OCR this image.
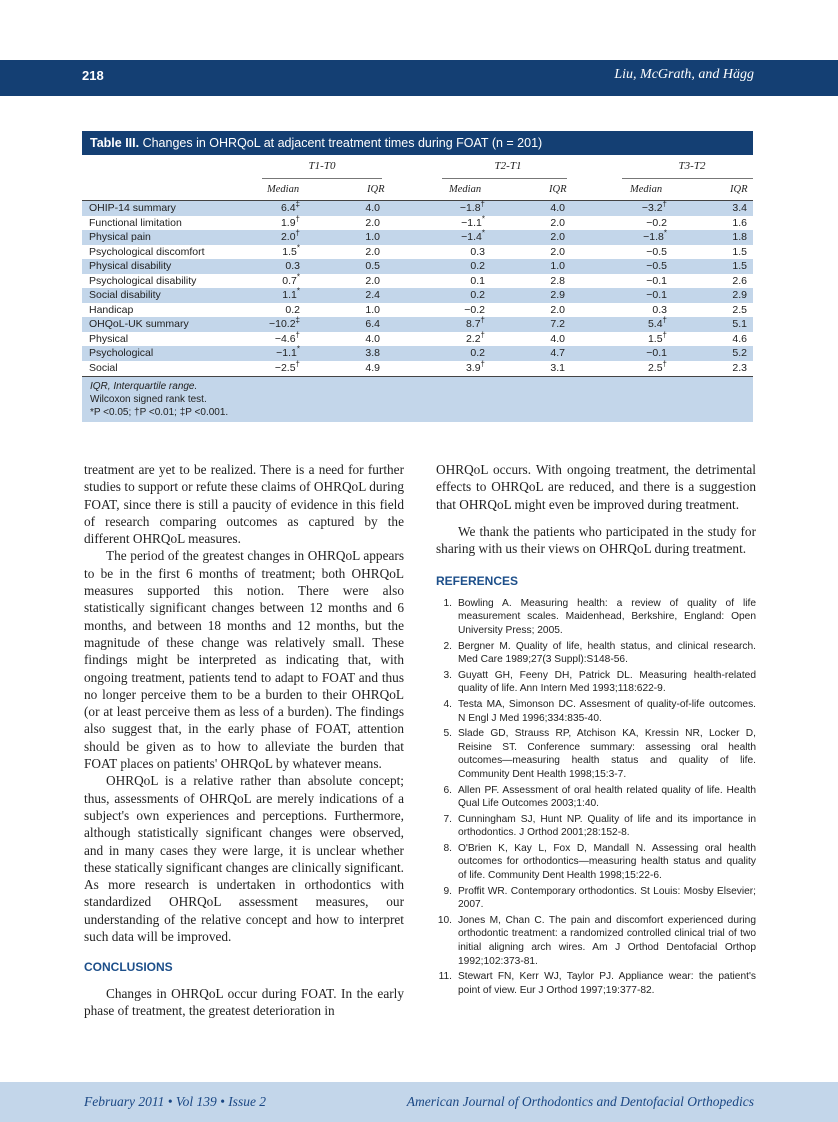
218	Liu, McGrath, and Hägg
Table III. Changes in OHRQoL at adjacent treatment times during FOAT (n = 201)
T1-T0	T2-T1	T3-T2
Median	IQR	Median	IQR	Median	IQR
OHIP-14 summary	6.4‡	4.0	−1.8†	4.0	−3.2†	3.4
Functional limitation	1.9†	2.0	−1.1*	2.0	−0.2	1.6
Physical pain	2.0†	1.0	−1.4*	2.0	−1.8*	1.8
Psychological discomfort	1.5*	2.0	0.3	2.0	−0.5	1.5
Physical disability	0.3	0.5	0.2	1.0	−0.5	1.5
Psychological disability	0.7*	2.0	0.1	2.8	−0.1	2.6
Social disability	1.1*	2.4	0.2	2.9	−0.1	2.9
Handicap	0.2	1.0	−0.2	2.0	0.3	2.5
OHQoL-UK summary	−10.2‡	6.4	8.7†	7.2	5.4†	5.1
Physical	−4.6†	4.0	2.2†	4.0	1.5†	4.6
Psychological	−1.1*	3.8	0.2	4.7	−0.1	5.2
Social	−2.5†	4.9	3.9†	3.1	2.5†	2.3
IQR, Interquartile range.
Wilcoxon signed rank test.
*P <0.05; †P <0.01; ‡P <0.001.

treatment are yet to be realized. There is a need for further studies to support or refute these claims of OHRQoL during FOAT, since there is still a paucity of evidence in this field of research comparing outcomes as captured by the different OHRQoL measures.

The period of the greatest changes in OHRQoL appears to be in the first 6 months of treatment; both OHRQoL measures supported this notion. There were also statistically significant changes between 12 months and 6 months, and between 18 months and 12 months, but the magnitude of these change was relatively small. These findings might be interpreted as indicating that, with ongoing treatment, patients tend to adapt to FOAT and thus no longer perceive them to be a burden to their OHRQoL (or at least perceive them as less of a burden). The findings also suggest that, in the early phase of FOAT, attention should be given as to how to alleviate the burden that FOAT places on patients' OHRQoL by whatever means.

OHRQoL is a relative rather than absolute concept; thus, assessments of OHRQoL are merely indications of a subject's own experiences and perceptions. Furthermore, although statistically significant changes were observed, and in many cases they were large, it is unclear whether these statically significant changes are clinically significant. As more research is undertaken in orthodontics with standardized OHRQoL assessment measures, our understanding of the relative concept and how to interpret such data will be improved.

CONCLUSIONS

Changes in OHRQoL occur during FOAT. In the early phase of treatment, the greatest deterioration in

OHRQoL occurs. With ongoing treatment, the detrimental effects to OHRQoL are reduced, and there is a suggestion that OHRQoL might even be improved during treatment.

We thank the patients who participated in the study for sharing with us their views on OHRQoL during treatment.

REFERENCES
1. Bowling A. Measuring health: a review of quality of life measurement scales. Maidenhead, Berkshire, England: Open University Press; 2005.
2. Bergner M. Quality of life, health status, and clinical research. Med Care 1989;27(3 Suppl):S148-56.
3. Guyatt GH, Feeny DH, Patrick DL. Measuring health-related quality of life. Ann Intern Med 1993;118:622-9.
4. Testa MA, Simonson DC. Assesment of quality-of-life outcomes. N Engl J Med 1996;334:835-40.
5. Slade GD, Strauss RP, Atchison KA, Kressin NR, Locker D, Reisine ST. Conference summary: assessing oral health outcomes—measuring health status and quality of life. Community Dent Health 1998;15:3-7.
6. Allen PF. Assessment of oral health related quality of life. Health Qual Life Outcomes 2003;1:40.
7. Cunningham SJ, Hunt NP. Quality of life and its importance in orthodontics. J Orthod 2001;28:152-8.
8. O'Brien K, Kay L, Fox D, Mandall N. Assessing oral health outcomes for orthodontics—measuring health status and quality of life. Community Dent Health 1998;15:22-6.
9. Proffit WR. Contemporary orthodontics. St Louis: Mosby Elsevier; 2007.
10. Jones M, Chan C. The pain and discomfort experienced during orthodontic treatment: a randomized controlled clinical trial of two initial aligning arch wires. Am J Orthod Dentofacial Orthop 1992;102:373-81.
11. Stewart FN, Kerr WJ, Taylor PJ. Appliance wear: the patient's point of view. Eur J Orthod 1997;19:377-82.
February 2011 • Vol 139 • Issue 2	American Journal of Orthodontics and Dentofacial Orthopedics
